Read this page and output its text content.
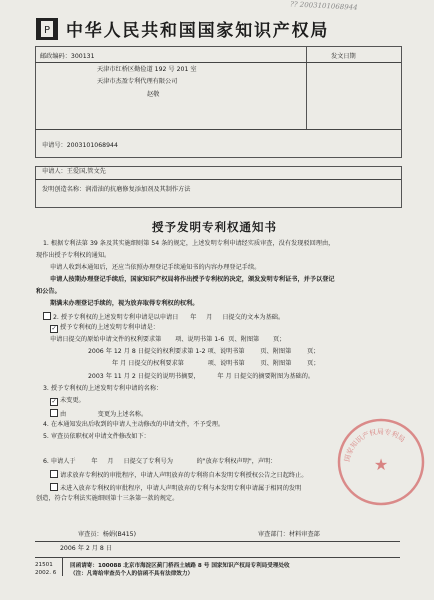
?? 2003101068944
P 中华人民共和国国家知识产权局
邮政编码：300131
天津市红桥区勤俭道 192 号 201 室
天津市杰盈专利代理有限公司
赵敬
发文日期
申请号：2003101068944
申请人：王爱国,管文先
发明创造名称：润滑油的抗磨修复添加剂及其制作方法
授予发明专利权通知书
1. 根据专利法第 39 条及其实施细则第 54 条的规定，上述发明专利申请经实质审查，没有发现驳回理由，
现作出授予专利权的通知。
申请人收到本通知后，还应当依照办理登记手续通知书的内容办理登记手续。
申请人按期办理登记手续后，国家知识产权局将作出授予专利权的决定，颁发发明专利证书，并予以登记
和公告。
期满未办理登记手续的，视为放弃取得专利权的权利。
2. 授予专利权的上述发明专利申请是以申请日 年 月 日提交的文本为基础。
✓ 授予专利权的上述发明专利申请是：
申请日提交的原始申请文件的权利要求第 项、说明书第 1-6 页、附图第 页；
2006 年 12 月 8 日提交的权利要求第 1-2 项、说明书第	页、附图第	页；
年 月 日提交的权利要求第	项、说明书第	页、附图第	页；
2003 年 11 月 2 日提交的说明书摘要，	年 月 日提交的摘要附图为基础的。
3. 授予专利权的上述发明专利申请的名称：
✓ 未变更。
由	变更为上述名称。
4. 在本通知发出后收到的申请人主动修改的申请文件，不予受理。
5. 审查员依职权对申请文件修改如下：
6. 申请人于	年 月 日提交了专利号为	的"放弃专利权声明"，声明：
请求放弃专利权的审批程序，申请人声明放弃的专利将自本发明专利授权公告之日起终止。
未进入放弃专利权的审批程序，申请人声明放弃的专利与本发明专利申请属于相同的发明
创造，符合专利法实施细则第十三条第一款的规定。
国家知识产权局专利局
★
审查员：杨娟(B415)	审查部门：材料审查部
2006 年 2 月 8 日
21501
2002. 6
回函请寄：100088 北京市海淀区蓟门桥西土城路 8 号 国家知识产权局专利局受理处收
（注：凡寄给审查员个人的信函不具有法律效力）
